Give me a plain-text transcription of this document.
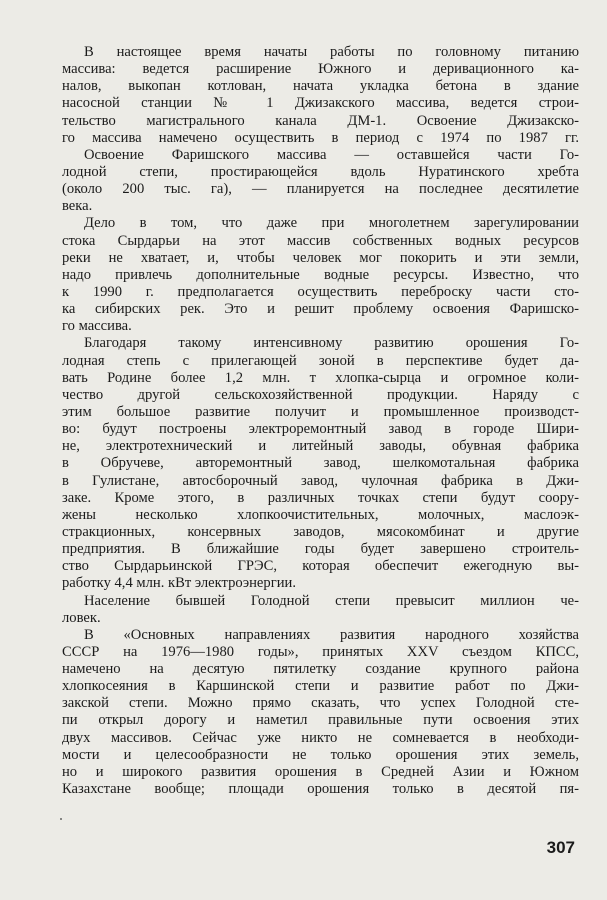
В настоящее время начаты работы по головному питанию
массива: ведется расширение Южного и деривационного ка-
налов, выкопан котлован, начата укладка бетона в здание
насосной станции № 1 Джизакского массива, ведется строи-
тельство магистрального канала ДМ-1. Освоение Джизакско-
го массива намечено осуществить в период с 1974 по 1987 гг.

Освоение Фаришского массива — оставшейся части Го-
лодной степи, простирающейся вдоль Нуратинского хребта
(около 200 тыс. га), — планируется на последнее десятилетие
века.

Дело в том, что даже при многолетнем зарегулировании
стока Сырдарьи на этот массив собственных водных ресурсов
реки не хватает, и, чтобы человек мог покорить и эти земли,
надо привлечь дополнительные водные ресурсы. Известно, что
к 1990 г. предполагается осуществить переброску части сто-
ка сибирских рек. Это и решит проблему освоения Фаришско-
го массива.

Благодаря такому интенсивному развитию орошения Го-
лодная степь с прилегающей зоной в перспективе будет да-
вать Родине более 1,2 млн. т хлопка-сырца и огромное коли-
чество другой сельскохозяйственной продукции. Наряду с
этим большое развитие получит и промышленное производст-
во: будут построены электроремонтный завод в городе Шири-
не, электротехнический и литейный заводы, обувная фабрика
в Обручеве, авторемонтный завод, шелкомотальная фабрика
в Гулистане, автосборочный завод, чулочная фабрика в Джи-
заке. Кроме этого, в различных точках степи будут соору-
жены несколько хлопкоочистительных, молочных, маслоэк-
стракционных, консервных заводов, мясокомбинат и другие
предприятия. В ближайшие годы будет завершено строитель-
ство Сырдарьинской ГРЭС, которая обеспечит ежегодную вы-
работку 4,4 млн. кВт электроэнергии.

Население бывшей Голодной степи превысит миллион че-
ловек.

В «Основных направлениях развития народного хозяйства
СССР на 1976—1980 годы», принятых XXV съездом КПСС,
намечено на десятую пятилетку создание крупного района
хлопкосеяния в Каршинской степи и развитие работ по Джи-
закской степи. Можно прямо сказать, что успех Голодной сте-
пи открыл дорогу и наметил правильные пути освоения этих
двух массивов. Сейчас уже никто не сомневается в необходи-
мости и целесообразности не только орошения этих земель,
но и широкого развития орошения в Средней Азии и Южном
Казахстане вообще; площади орошения только в десятой пя-

307
